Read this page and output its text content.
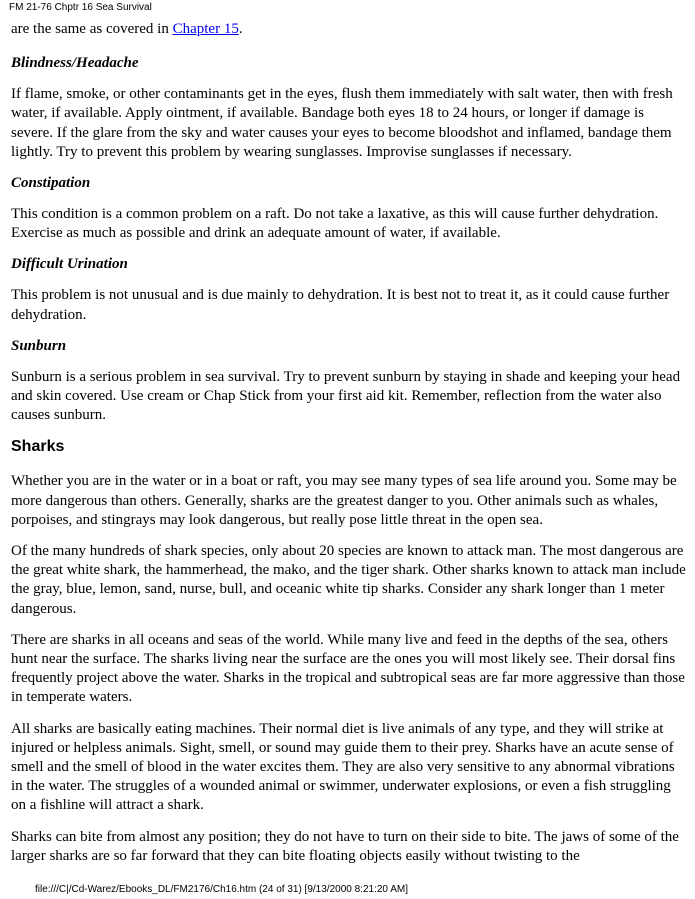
FM 21-76 Chptr 16 Sea Survival

are the same as covered in Chapter 15.

Blindness/Headache

If flame, smoke, or other contaminants get in the eyes, flush them immediately with salt water, then with fresh water, if available. Apply ointment, if available. Bandage both eyes 18 to 24 hours, or longer if damage is severe. If the glare from the sky and water causes your eyes to become bloodshot and inflamed, bandage them lightly. Try to prevent this problem by wearing sunglasses. Improvise sunglasses if necessary.

Constipation

This condition is a common problem on a raft. Do not take a laxative, as this will cause further dehydration. Exercise as much as possible and drink an adequate amount of water, if available.

Difficult Urination

This problem is not unusual and is due mainly to dehydration. It is best not to treat it, as it could cause further dehydration.

Sunburn

Sunburn is a serious problem in sea survival. Try to prevent sunburn by staying in shade and keeping your head and skin covered. Use cream or Chap Stick from your first aid kit. Remember, reflection from the water also causes sunburn.

Sharks

Whether you are in the water or in a boat or raft, you may see many types of sea life around you. Some may be more dangerous than others. Generally, sharks are the greatest danger to you. Other animals such as whales, porpoises, and stingrays may look dangerous, but really pose little threat in the open sea.

Of the many hundreds of shark species, only about 20 species are known to attack man. The most dangerous are the great white shark, the hammerhead, the mako, and the tiger shark. Other sharks known to attack man include the gray, blue, lemon, sand, nurse, bull, and oceanic white tip sharks. Consider any shark longer than 1 meter dangerous.

There are sharks in all oceans and seas of the world. While many live and feed in the depths of the sea, others hunt near the surface. The sharks living near the surface are the ones you will most likely see. Their dorsal fins frequently project above the water. Sharks in the tropical and subtropical seas are far more aggressive than those in temperate waters.

All sharks are basically eating machines. Their normal diet is live animals of any type, and they will strike at injured or helpless animals. Sight, smell, or sound may guide them to their prey. Sharks have an acute sense of smell and the smell of blood in the water excites them. They are also very sensitive to any abnormal vibrations in the water. The struggles of a wounded animal or swimmer, underwater explosions, or even a fish struggling on a fishline will attract a shark.

Sharks can bite from almost any position; they do not have to turn on their side to bite. The jaws of some of the larger sharks are so far forward that they can bite floating objects easily without twisting to the

file:///C|/Cd-Warez/Ebooks_DL/FM2176/Ch16.htm (24 of 31) [9/13/2000 8:21:20 AM]
